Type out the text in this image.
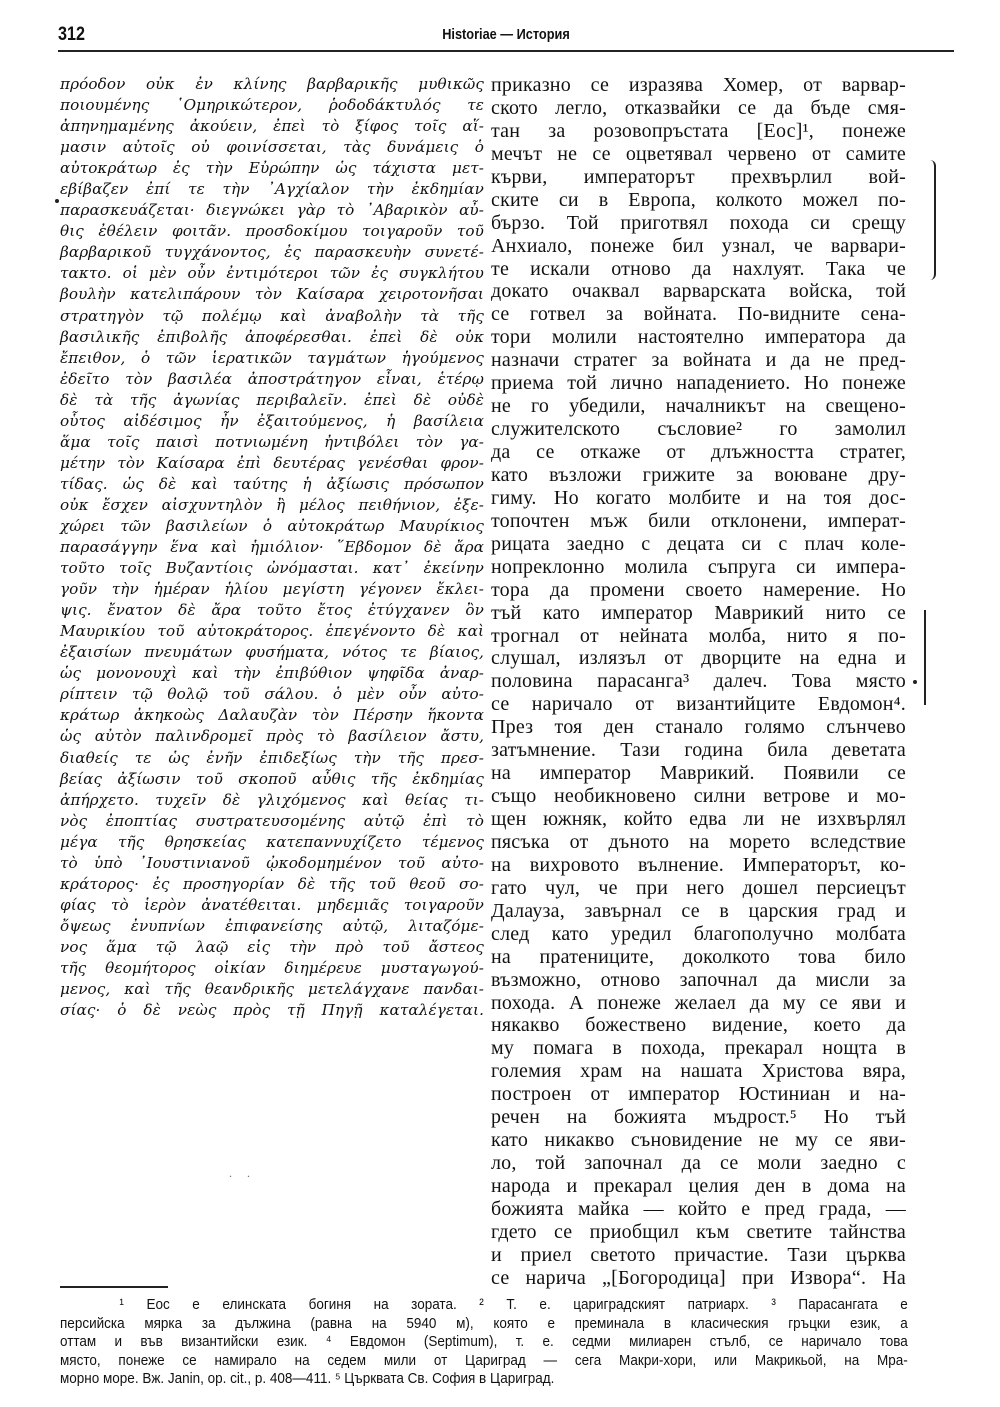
312	Historiae — История
πρόοδον οὐκ ἐν κλίνης βαρβαρικῆς μυθικῶς
ποιουμένης ῾Ομηρικώτερον, ῥοδοδάκτυλός τε
ἀπηνημαμένης ἀκούειν, ἐπεὶ τὸ ξίφος τοῖς αἵ-
μασιν αὐτοῖς οὐ φοινίσσεται, τὰς δυνάμεις ὁ
αὐτοκράτωρ ἐς τὴν Εὐρώπην ὡς τάχιστα μετ-
εβίβαζεν ἐπί τε τὴν ᾿Αγχίαλον τὴν ἐκδημίαν
παρασκευάζεται· διεγνώκει γὰρ τὸ ᾿Αβαρικὸν αὖ-
θις ἐθέλειν φοιτᾶν. προσδοκίμου τοιγαροῦν τοῦ
βαρβαρικοῦ τυγχάνοντος, ἐς παρασκευὴν συνετέ-
τακτο. οἱ μὲν οὖν ἐντιμότεροι τῶν ἐς συγκλήτου
βουλὴν κατελιπάρουν τὸν Καίσαρα χειροτονῆσαι
στρατηγὸν τῷ πολέμῳ καὶ ἀναβολὴν τὰ τῆς
βασιλικῆς ἐπιβολῆς ἀποφέρεσθαι. ἐπεὶ δὲ οὐκ
ἔπειθον, ὁ τῶν ἱερατικῶν ταγμάτων ἡγούμενος
ἐδεῖτο τὸν βασιλέα ἀποστράτηγον εἶναι, ἑτέρῳ
δὲ τὰ τῆς ἀγωνίας περιβαλεῖν. ἐπεὶ δὲ οὐδὲ
οὗτος αἰδέσιμος ἦν ἐξαιτούμενος, ἡ βασίλεια
ἅμα τοῖς παισὶ ποτνιωμένη ἠντιβόλει τὸν γα-
μέτην τὸν Καίσαρα ἐπὶ δευτέρας γενέσθαι φρον-
τίδας. ὡς δὲ καὶ ταύτης ἡ ἀξίωσις πρόσωπον
οὐκ ἔσχεν αἰσχυντηλὸν ἢ μέλος πειθήνιον, ἐξε-
χώρει τῶν βασιλείων ὁ αὐτοκράτωρ Μαυρίκιος
παρασάγγην ἕνα καὶ ἡμιόλιον· ῞Εβδομον δὲ ἄρα
τοῦτο τοῖς Βυζαντίοις ὠνόμασται. κατ᾿ ἐκείνην
γοῦν τὴν ἡμέραν ἡλίου μεγίστη γέγονεν ἔκλει-
ψις. ἔνατον δὲ ἄρα τοῦτο ἔτος ἐτύγχανεν ὂν
Μαυρικίου τοῦ αὐτοκράτορος. ἐπεγένοντο δὲ καὶ
ἐξαισίων πνευμάτων φυσήματα, νότος τε βίαιος,
ὡς μονονουχὶ καὶ τὴν ἐπιβύθιον ψηφῖδα ἀναρ-
ρίπτειν τῷ θολῷ τοῦ σάλου. ὁ μὲν οὖν αὐτο-
κράτωρ ἀκηκοὼς Δαλαυζὰν τὸν Πέρσην ἥκοντα
ὡς αὐτὸν παλινδρομεῖ πρὸς τὸ βασίλειον ἄστυ,
διαθείς τε ὡς ἐνῆν ἐπιδεξίως τὴν τῆς πρεσ-
βείας ἀξίωσιν τοῦ σκοποῦ αὖθις τῆς ἐκδημίας
ἀπήρχετο. τυχεῖν δὲ γλιχόμενος καὶ θείας τι-
νὸς ἐποπτίας συστρατευσομένης αὐτῷ ἐπὶ τὸ
μέγα τῆς θρησκείας κατεπαννυχίζετο τέμενος
τὸ ὑπὸ ᾿Ιουστινιανοῦ ᾠκοδομημένον τοῦ αὐτο-
κράτορος· ἐς προσηγορίαν δὲ τῆς τοῦ θεοῦ σο-
φίας τὸ ἱερὸν ἀνατέθειται. μηδεμιᾶς τοιγαροῦν
ὄψεως ἐνυπνίων ἐπιφανείσης αὐτῷ, λιταζόμε-
νος ἅμα τῷ λαῷ εἰς τὴν πρὸ τοῦ ἄστεος
τῆς θεομήτορος οἰκίαν διημέρευε μυσταγωγού-
μενος, καὶ τῆς θεανδρικῆς μετελάγχανε πανδαι-
σίας· ὁ δὲ νεὼς πρὸς τῇ Πηγῇ καταλέγεται.
. .
приказно се изразява Хомер, от варвар-
ското легло, отказвайки се да бъде смя-
тан за розовопръстата [Еос]¹, понеже
мечът не се оцветявал червено от самите
кърви, императорът прехвърлил вой-
ските си в Европа, колкото можел по-
бързо. Той приготвял похода си срещу
Анхиало, понеже бил узнал, че варвари-
те искали отново да нахлуят. Така че
докато очаквал варварската войска, той
се готвел за войната. По-видните сена-
тори молили настоятелно императора да
назначи стратег за войната и да не пред-
приема той лично нападението. Но понеже
не го убедили, началникът на свещено-
служителското съсловие² го замолил
да се откаже от длъжността стратег,
като възложи грижите за воюване дру-
гиму. Но когато молбите и на тоя дос-
топочтен мъж били отклонени, императ-
рицата заедно с децата си с плач коле-
нопреклонно молила съпруга си импера-
тора да промени своето намерение. Но
тъй като император Маврикий нито се
трогнал от нейната молба, нито я по-
слушал, излязъл от дворците на една и
половина парасанга³ далеч. Това място
се наричало от византийците Евдомон⁴.
През тоя ден станало голямо слънчево
затъмнение. Тази година била деветата
на император Маврикий. Появили се
също необикновено силни ветрове и мо-
щен южняк, който едва ли не изхвърлял
пясъка от дъното на морето вследствие
на вихровото вълнение. Императорът, ко-
гато чул, че при него дошел персиецът
Далауза, завърнал се в царския град и
след като уредил благополучно молбата
на пратениците, доколкото това било
възможно, отново започнал да мисли за
похода. А понеже желаел да му се яви и
някакво божествено видение, което да
му помага в похода, прекарал нощта в
големия храм на нашата Христова вяра,
построен от император Юстиниан и на-
речен на божията мъдрост.⁵ Но тъй
като никакво съновидение не му се яви-
ло, той започнал да се моли заедно с
народа и прекарал целия ден в дома на
божията майка — който е пред града, —
гдето се приобщил към светите тайнства
и приел светото причастие. Тази църква
се нарича „[Богородица] при Извора“. На
¹ Еос е елинската богиня на зората. ² Т. е. цариградският патриарх. ³ Парасангата е
персийска мярка за дължина (равна на 5940 м), която е преминала в класическия гръцки език, а
оттам и във византийски език. ⁴ Евдомон (Septimum), т. е. седми милиарен стълб, се наричало това
място, понеже се намирало на седем мили от Цариград — сега Макри-хори, или Макрикьой, на Мра-
морно море. Вж. Janin, op. cit., p. 408—411. ⁵ Църквата Св. София в Цариград.
